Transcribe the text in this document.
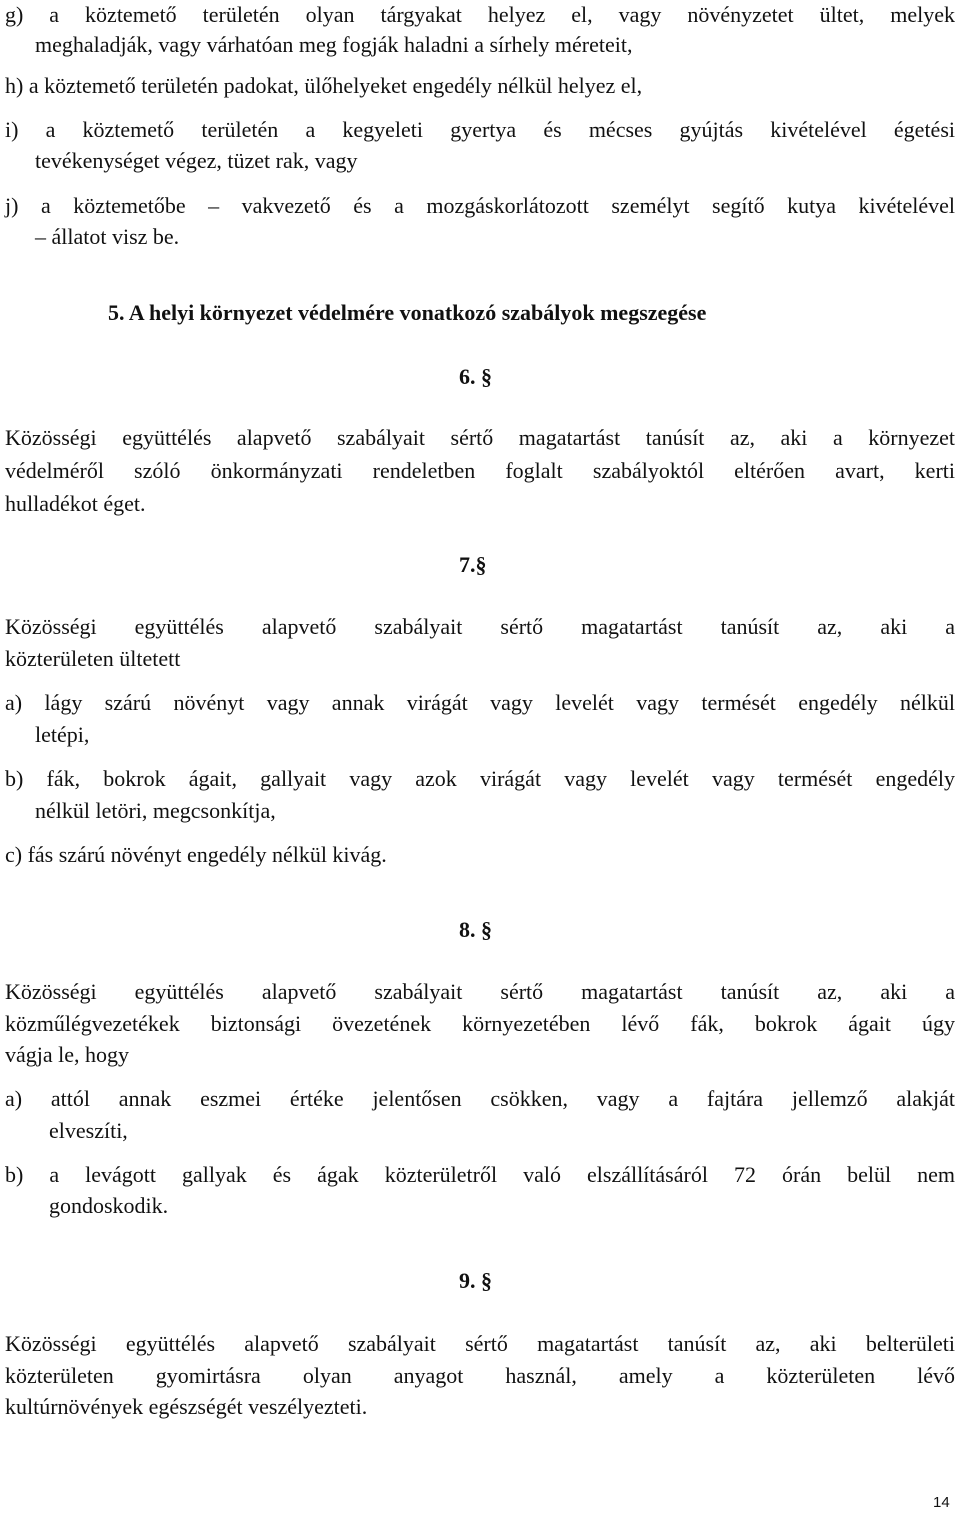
g) a köztemető területén olyan tárgyakat helyez el, vagy növényzetet ültet, melyek
meghaladják, vagy várhatóan meg fogják haladni a sírhely méreteit,
h) a köztemető területén padokat, ülőhelyeket engedély nélkül helyez el,
i) a köztemető területén a kegyeleti gyertya és mécses gyújtás kivételével égetési
tevékenységet végez, tüzet rak, vagy
j) a köztemetőbe – vakvezető és a mozgáskorlátozott személyt segítő kutya kivételével
– állatot visz be.
5. A helyi környezet védelmére vonatkozó szabályok megszegése
6. §
Közösségi együttélés alapvető szabályait sértő magatartást tanúsít az, aki a környezet
védelméről szóló önkormányzati rendeletben foglalt szabályoktól eltérően avart, kerti
hulladékot éget.
7.§
Közösségi együttélés alapvető szabályait sértő magatartást tanúsít az, aki a
közterületen ültetett
a) lágy szárú növényt vagy annak virágát vagy levelét vagy termését engedély nélkül
letépi,
b) fák, bokrok ágait, gallyait vagy azok virágát vagy levelét vagy termését engedély
nélkül letöri, megcsonkítja,
c) fás szárú növényt engedély nélkül kivág.
8. §
Közösségi együttélés alapvető szabályait sértő magatartást tanúsít az, aki a
közműlégvezetékek biztonsági övezetének környezetében lévő fák, bokrok ágait úgy
vágja le, hogy
a) attól annak eszmei értéke jelentősen csökken, vagy a fajtára jellemző alakját
elveszíti,
b) a levágott gallyak és ágak közterületről való elszállításáról 72 órán belül nem
gondoskodik.
9. §
Közösségi együttélés alapvető szabályait sértő magatartást tanúsít az, aki belterületi
közterületen gyomirtásra olyan anyagot használ, amely a közterületen lévő
kultúrnövények egészségét veszélyezteti.
14
